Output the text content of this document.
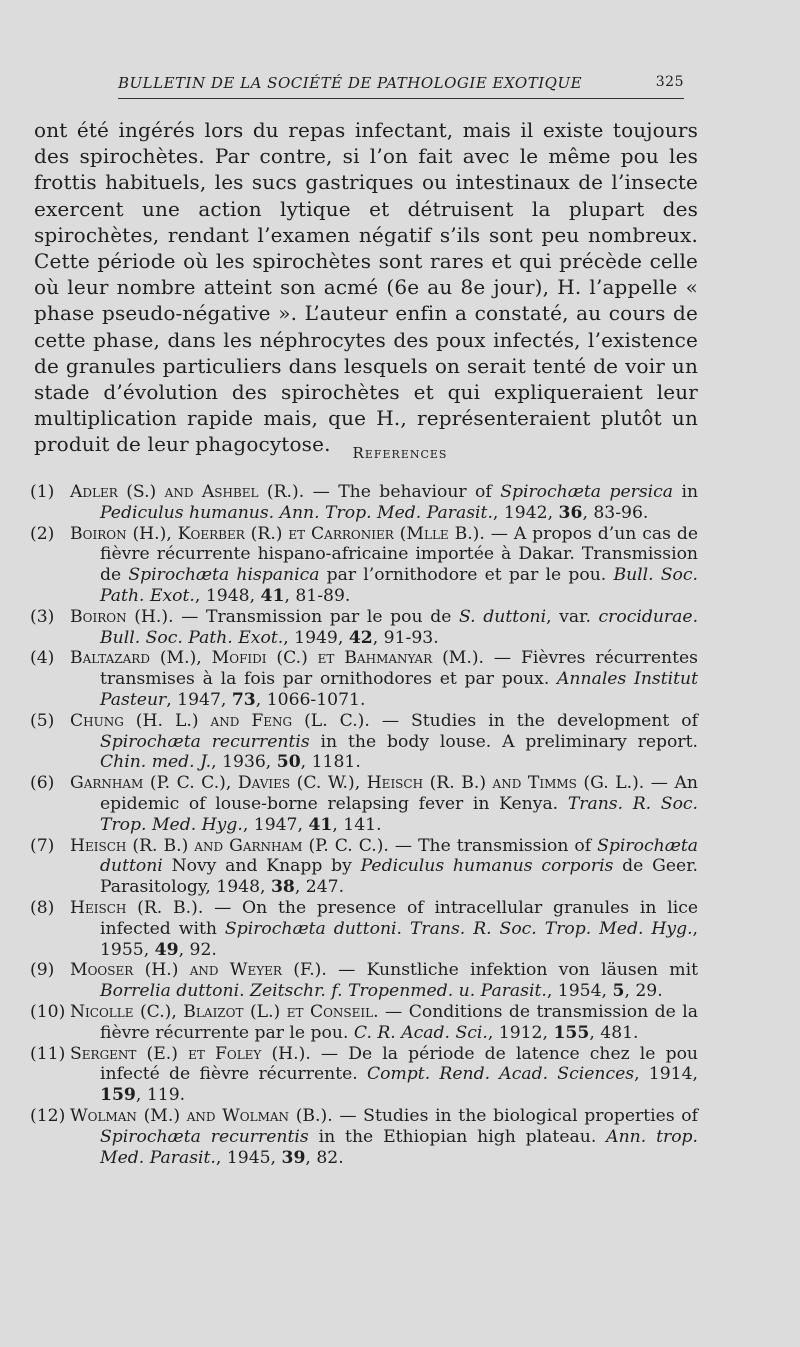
BULLETIN DE LA SOCIÉTÉ DE PATHOLOGIE EXOTIQUE	325

ont été ingérés lors du repas infectant, mais il existe toujours des spirochètes. Par contre, si l’on fait avec le même pou les frottis habituels, les sucs gastriques ou intestinaux de l’insecte exercent une action lytique et détruisent la plupart des spirochètes, rendant l’examen négatif s’ils sont peu nombreux. Cette période où les spirochètes sont rares et qui précède celle où leur nombre atteint son acmé (6e au 8e jour), H. l’appelle « phase pseudo-négative ». L’auteur enfin a constaté, au cours de cette phase, dans les néphrocytes des poux infectés, l’existence de granules particuliers dans lesquels on serait tenté de voir un stade d’évolution des spirochètes et qui expliqueraient leur multiplication rapide mais, que H., représenteraient plutôt un produit de leur phagocytose.	References
(1) Adler (S.) and Ashbel (R.). — The behaviour of Spirochæta persica in Pediculus humanus. Ann. Trop. Med. Parasit., 1942, 36, 83-96.
(2) Boiron (H.), Koerber (R.) et Carronier (Mlle B.). — A propos d’un cas de fièvre récurrente hispano-africaine importée à Dakar. Transmission de Spirochæta hispanica par l’ornithodore et par le pou. Bull. Soc. Path. Exot., 1948, 41, 81-89.
(3) Boiron (H.). — Transmission par le pou de S. duttoni, var. crocidurae. Bull. Soc. Path. Exot., 1949, 42, 91-93.
(4) Baltazard (M.), Mofidi (C.) et Bahmanyar (M.). — Fièvres récurrentes transmises à la fois par ornithodores et par poux. Annales Institut Pasteur, 1947, 73, 1066-1071.
(5) Chung (H. L.) and Feng (L. C.). — Studies in the development of Spirochæta recurrentis in the body louse. A preliminary report. Chin. med. J., 1936, 50, 1181.
(6) Garnham (P. C. C.), Davies (C. W.), Heisch (R. B.) and Timms (G. L.). — An epidemic of louse-borne relapsing fever in Kenya. Trans. R. Soc. Trop. Med. Hyg., 1947, 41, 141.
(7) Heisch (R. B.) and Garnham (P. C. C.). — The transmission of Spirochæta duttoni Novy and Knapp by Pediculus humanus corporis de Geer. Parasitology, 1948, 38, 247.
(8) Heisch (R. B.). — On the presence of intracellular granules in lice infected with Spirochæta duttoni. Trans. R. Soc. Trop. Med. Hyg., 1955, 49, 92.
(9) Mooser (H.) and Weyer (F.). — Kunstliche infektion von läusen mit Borrelia duttoni. Zeitschr. f. Tropenmed. u. Parasit., 1954, 5, 29.
(10) Nicolle (C.), Blaizot (L.) et Conseil. — Conditions de transmission de la fièvre récurrente par le pou. C. R. Acad. Sci., 1912, 155, 481.
(11) Sergent (E.) et Foley (H.). — De la période de latence chez le pou infecté de fièvre récurrente. Compt. Rend. Acad. Sciences, 1914, 159, 119.
(12) Wolman (M.) and Wolman (B.). — Studies in the biological properties of Spirochæta recurrentis in the Ethiopian high plateau. Ann. trop. Med. Parasit., 1945, 39, 82.
